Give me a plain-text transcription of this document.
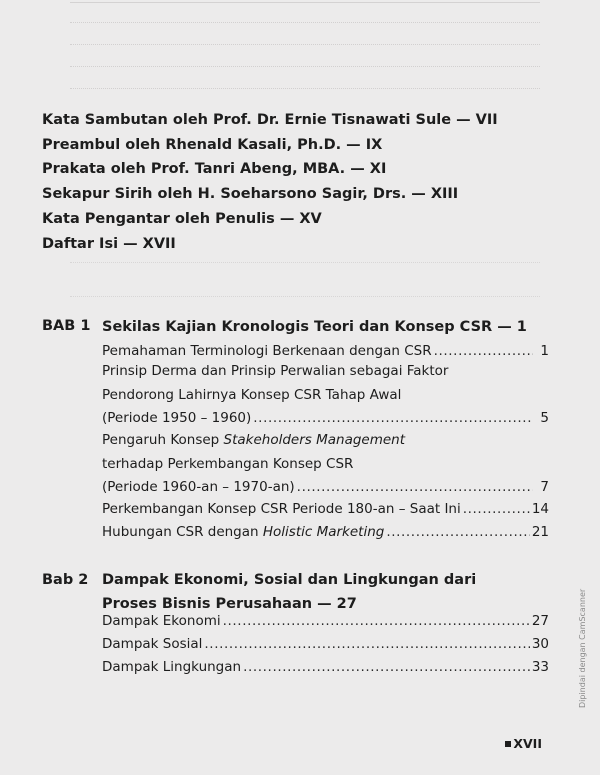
Kata Sambutan oleh Prof. Dr. Ernie Tisnawati Sule — VII
Preambul oleh Rhenald Kasali, Ph.D. — IX
Prakata oleh Prof. Tanri Abeng, MBA. — XI
Sekapur Sirih oleh H. Soeharsono Sagir, Drs. — XIII
Kata Pengantar oleh Penulis — XV
Daftar Isi — XVII
BAB 1 Sekilas Kajian Kronologis Teori dan Konsep CSR — 1
Pemahaman Terminologi Berkenaan dengan CSR .....	1
Prinsip Derma dan Prinsip Perwalian sebagai Faktor
Pendorong Lahirnya Konsep CSR Tahap Awal
(Periode 1950 – 1960) .....	5
Pengaruh Konsep Stakeholders Management
terhadap Perkembangan Konsep CSR
(Periode 1960-an – 1970-an) .....	7
Perkembangan Konsep CSR Periode 180-an – Saat Ini .....	14
Hubungan CSR dengan Holistic Marketing .....	21
Bab 2 Dampak Ekonomi, Sosial dan Lingkungan dari
Proses Bisnis Perusahaan — 27
Dampak Ekonomi .....	27
Dampak Sosial .....	30
Dampak Lingkungan .....	33
XVII
Dipindai dengan CamScanner
